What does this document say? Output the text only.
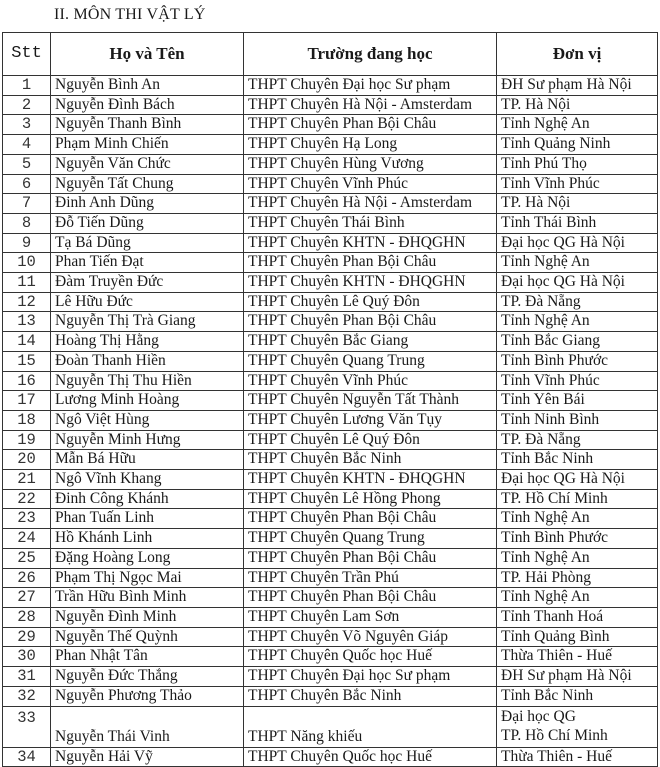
II. MÔN THI VẬT LÝ
Stt	Họ và Tên	Trường đang học	Đơn vị
1	Nguyễn Bình An	THPT Chuyên Đại học Sư phạm	ĐH Sư phạm Hà Nội
2	Nguyễn Đình Bách	THPT Chuyên Hà Nội - Amsterdam	TP. Hà Nội
3	Nguyễn Thanh Bình	THPT Chuyên Phan Bội Châu	Tỉnh Nghệ An
4	Phạm Minh Chiến	THPT Chuyên Hạ Long	Tỉnh Quảng Ninh
5	Nguyễn Văn Chức	THPT Chuyên Hùng Vương	Tỉnh Phú Thọ
6	Nguyễn Tất Chung	THPT Chuyên Vĩnh Phúc	Tỉnh Vĩnh Phúc
7	Đinh Anh Dũng	THPT Chuyên Hà Nội - Amsterdam	TP. Hà Nội
8	Đỗ Tiến Dũng	THPT Chuyên Thái Bình	Tỉnh Thái Bình
9	Tạ Bá Dũng	THPT Chuyên KHTN - ĐHQGHN	Đại học QG Hà Nội
10	Phan Tiến Đạt	THPT Chuyên Phan Bội Châu	Tỉnh Nghệ An
11	Đàm Truyền Đức	THPT Chuyên KHTN - ĐHQGHN	Đại học QG Hà Nội
12	Lê Hữu Đức	THPT Chuyên Lê Quý Đôn	TP. Đà Nẵng
13	Nguyễn Thị Trà Giang	THPT Chuyên Phan Bội Châu	Tỉnh Nghệ An
14	Hoàng Thị Hằng	THPT Chuyên Bắc Giang	Tỉnh Bắc Giang
15	Đoàn Thanh Hiền	THPT Chuyên Quang Trung	Tỉnh Bình Phước
16	Nguyễn Thị Thu Hiền	THPT Chuyên Vĩnh Phúc	Tỉnh Vĩnh Phúc
17	Lương Minh Hoàng	THPT Chuyên Nguyễn Tất Thành	Tỉnh Yên Bái
18	Ngô Việt Hùng	THPT Chuyên Lương Văn Tụy	Tỉnh Ninh Bình
19	Nguyễn Minh Hưng	THPT Chuyên Lê Quý Đôn	TP. Đà Nẵng
20	Mẫn Bá Hữu	THPT Chuyên Bắc Ninh	Tỉnh Bắc Ninh
21	Ngô Vĩnh Khang	THPT Chuyên KHTN - ĐHQGHN	Đại học QG Hà Nội
22	Đinh Công Khánh	THPT Chuyên Lê Hồng Phong	TP. Hồ Chí Minh
23	Phan Tuấn Linh	THPT Chuyên Phan Bội Châu	Tỉnh Nghệ An
24	Hồ Khánh Linh	THPT Chuyên Quang Trung	Tỉnh Bình Phước
25	Đặng Hoàng Long	THPT Chuyên Phan Bội Châu	Tỉnh Nghệ An
26	Phạm Thị Ngọc Mai	THPT Chuyên Trần Phú	TP. Hải Phòng
27	Trần Hữu Bình Minh	THPT Chuyên Phan Bội Châu	Tỉnh Nghệ An
28	Nguyễn Đình Minh	THPT Chuyên Lam Sơn	Tỉnh Thanh Hoá
29	Nguyễn Thế Quỳnh	THPT Chuyên Võ Nguyên Giáp	Tỉnh Quảng Bình
30	Phan Nhật Tân	THPT Chuyên Quốc học Huế	Thừa Thiên - Huế
31	Nguyễn Đức Thắng	THPT Chuyên Đại học Sư phạm	ĐH Sư phạm Hà Nội
32	Nguyễn Phương Thảo	THPT Chuyên Bắc Ninh	Tỉnh Bắc Ninh
33	Nguyễn Thái Vinh	THPT Năng khiếu	Đại học QG
TP. Hồ Chí Minh

34	Nguyễn Hải Vỹ	THPT Chuyên Quốc học Huế	Thừa Thiên - Huế
